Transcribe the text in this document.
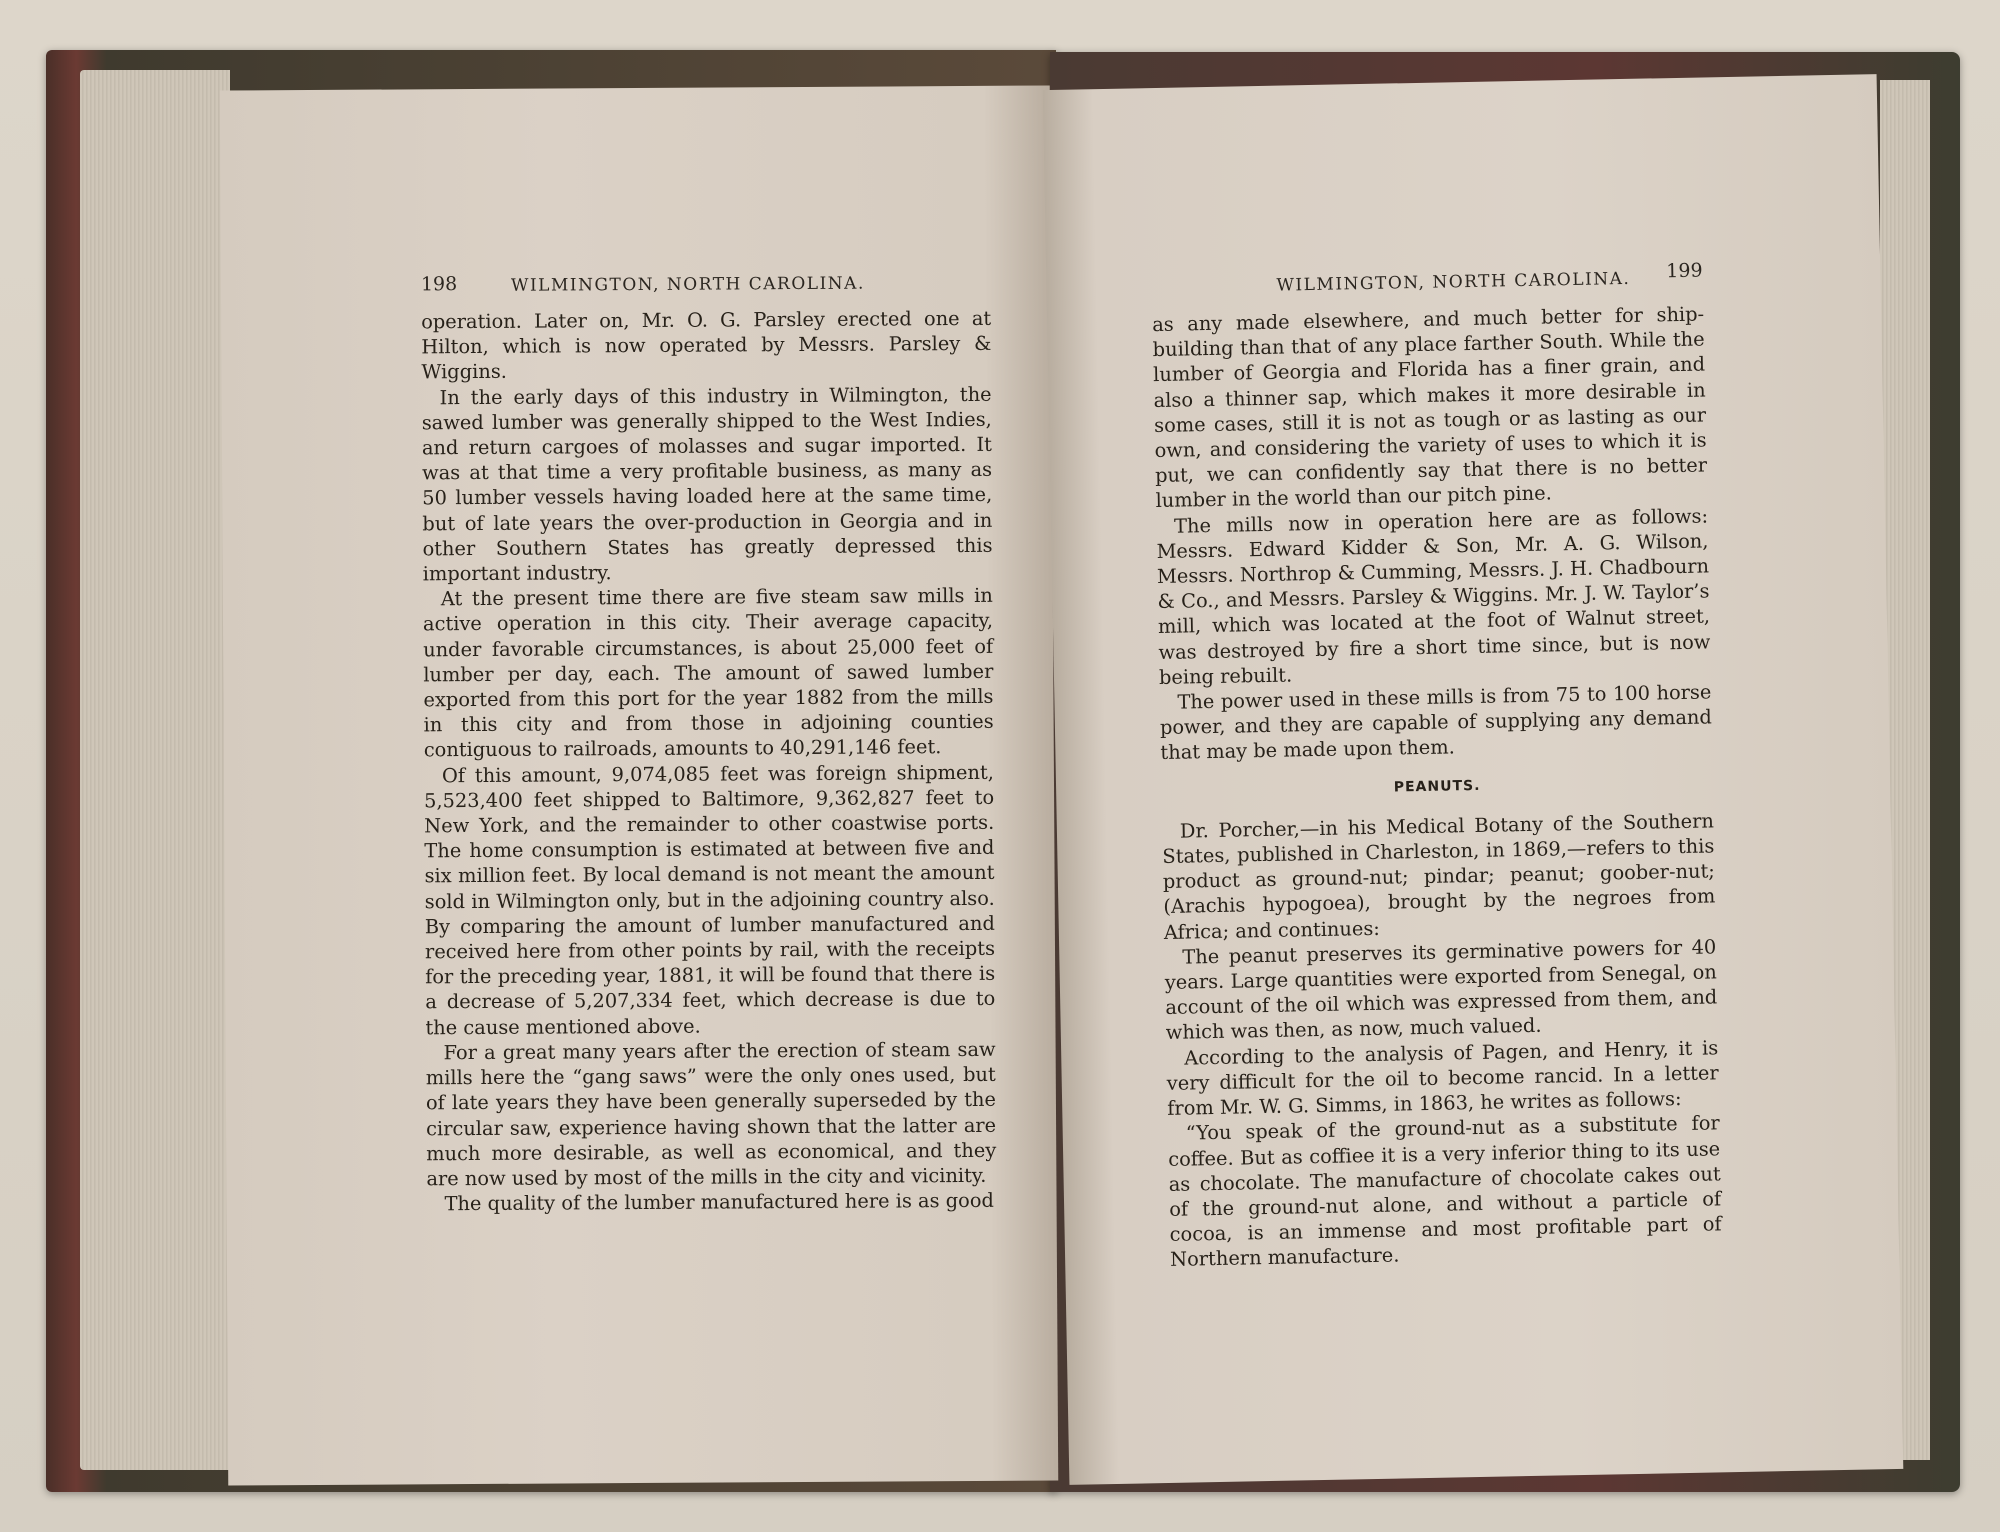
198	WILMINGTON, NORTH CAROLINA.

operation. Later on, Mr. O. G. Parsley erected one at Hilton, which is now operated by Messrs. Parsley & Wiggins.

In the early days of this industry in Wilmington, the sawed lumber was generally shipped to the West Indies, and return cargoes of molasses and sugar imported. It was at that time a very profitable business, as many as 50 lumber vessels having loaded here at the same time, but of late years the over-production in Georgia and in other Southern States has greatly depressed this important industry.

At the present time there are five steam saw mills in active operation in this city. Their average capacity, under favorable circumstances, is about 25,000 feet of lumber per day, each. The amount of sawed lumber exported from this port for the year 1882 from the mills in this city and from those in adjoining counties contiguous to railroads, amounts to 40,291,146 feet.

Of this amount, 9,074,085 feet was foreign shipment, 5,523,400 feet shipped to Baltimore, 9,362,827 feet to New York, and the remainder to other coastwise ports. The home consumption is estimated at between five and six million feet. By local demand is not meant the amount sold in Wilmington only, but in the adjoining country also. By comparing the amount of lumber manufactured and received here from other points by rail, with the receipts for the preceding year, 1881, it will be found that there is a decrease of 5,207,334 feet, which decrease is due to the cause mentioned above.

For a great many years after the erection of steam saw mills here the “gang saws” were the only ones used, but of late years they have been generally superseded by the circular saw, experience having shown that the latter are much more desirable, as well as economical, and they are now used by most of the mills in the city and vicinity.

The quality of the lumber manufactured here is as good

WILMINGTON, NORTH CAROLINA. 199

as any made elsewhere, and much better for ship-building than that of any place farther South. While the lumber of Georgia and Florida has a finer grain, and also a thinner sap, which makes it more desirable in some cases, still it is not as tough or as lasting as our own, and considering the variety of uses to which it is put, we can confidently say that there is no better lumber in the world than our pitch pine.

The mills now in operation here are as follows: Messrs. Edward Kidder & Son, Mr. A. G. Wilson, Messrs. Northrop & Cumming, Messrs. J. H. Chadbourn & Co., and Messrs. Parsley & Wiggins. Mr. J. W. Taylor’s mill, which was located at the foot of Walnut street, was destroyed by fire a short time since, but is now being rebuilt.

The power used in these mills is from 75 to 100 horse power, and they are capable of supplying any demand that may be made upon them.

PEANUTS.

Dr. Porcher,—in his Medical Botany of the Southern States, published in Charleston, in 1869,—refers to this product as ground-nut; pindar; peanut; goober-nut; (Arachis hypogoea), brought by the negroes from Africa; and continues:

The peanut preserves its germinative powers for 40 years. Large quantities were exported from Senegal, on account of the oil which was expressed from them, and which was then, as now, much valued.

According to the analysis of Pagen, and Henry, it is very difficult for the oil to become rancid. In a letter from Mr. W. G. Simms, in 1863, he writes as follows:

“You speak of the ground-nut as a substitute for coffee. But as coffiee it is a very inferior thing to its use as chocolate. The manufacture of chocolate cakes out of the ground-nut alone, and without a particle of cocoa, is an immense and most profitable part of Northern manufacture.
